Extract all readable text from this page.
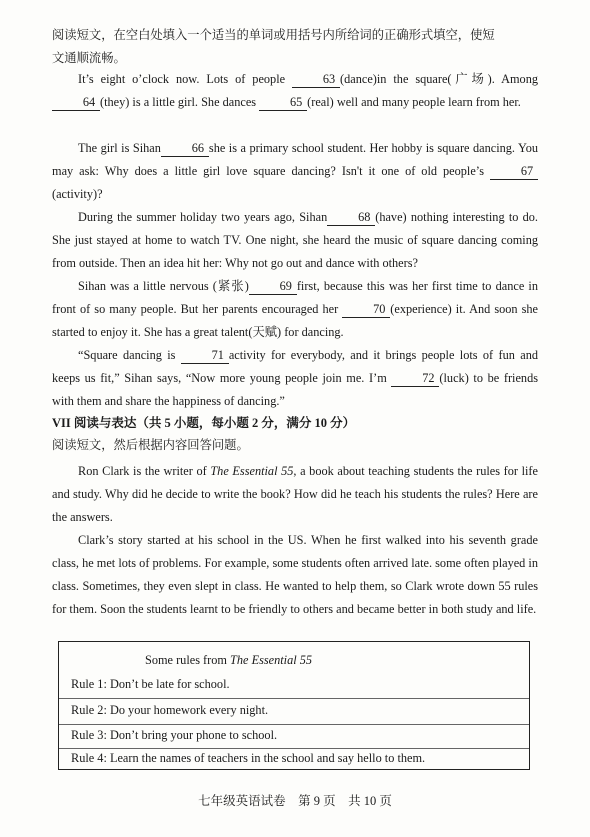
阅读短文，在空白处填入一个适当的单词或用括号内所给词的正确形式填空，使短
文通顺流畅。

It’s eight o’clock now. Lots of people	63 (dance)in the square(广场). Among 64 (they) is a little girl. She dances	65 (real) well and many people learn from her.

The girl is Sihan	66 she is a primary school student. Her hobby is square dancing. You may ask: Why does a little girl love square dancing? Isn't it one of old people’s	67 (activity)?

During the summer holiday two years ago, Sihan	68 (have) nothing interesting to do. She just stayed at home to watch TV. One night, she heard the music of square dancing coming from outside. Then an idea hit her: Why not go out and dance with others?

Sihan was a little nervous (紧张)	69 first, because this was her first time to dance in front of so many people. But her parents encouraged her	70 (experience) it. And soon she started to enjoy it. She has a great talent(天赋) for dancing.

“Square dancing is	71 activity for everybody, and it brings people lots of fun and keeps us fit,” Sihan says, “Now more young people join me. I’m	72 (luck) to be friends with them and share the happiness of dancing.”

VII 阅读与表达（共 5 小题，每小题 2 分，满分 10 分）

阅读短文，然后根据内容回答问题。

Ron Clark is the writer of The Essential 55, a book about teaching students the rules for life and study. Why did he decide to write the book? How did he teach his students the rules? Here are the answers.

Clark’s story started at his school in the US. When he first walked into his seventh grade class, he met lots of problems. For example, some students often arrived late. some often played in class. Sometimes, they even slept in class. He wanted to help them, so Clark wrote down 55 rules for them. Soon the students learnt to be friendly to others and became better in both study and life.

Some rules from The Essential 55

Rule 1: Don’t be late for school.

Rule 2: Do your homework every night.

Rule 3: Don’t bring your phone to school.

Rule 4: Learn the names of teachers in the school and say hello to them.

七年级英语试卷　第 9 页　共 10 页
